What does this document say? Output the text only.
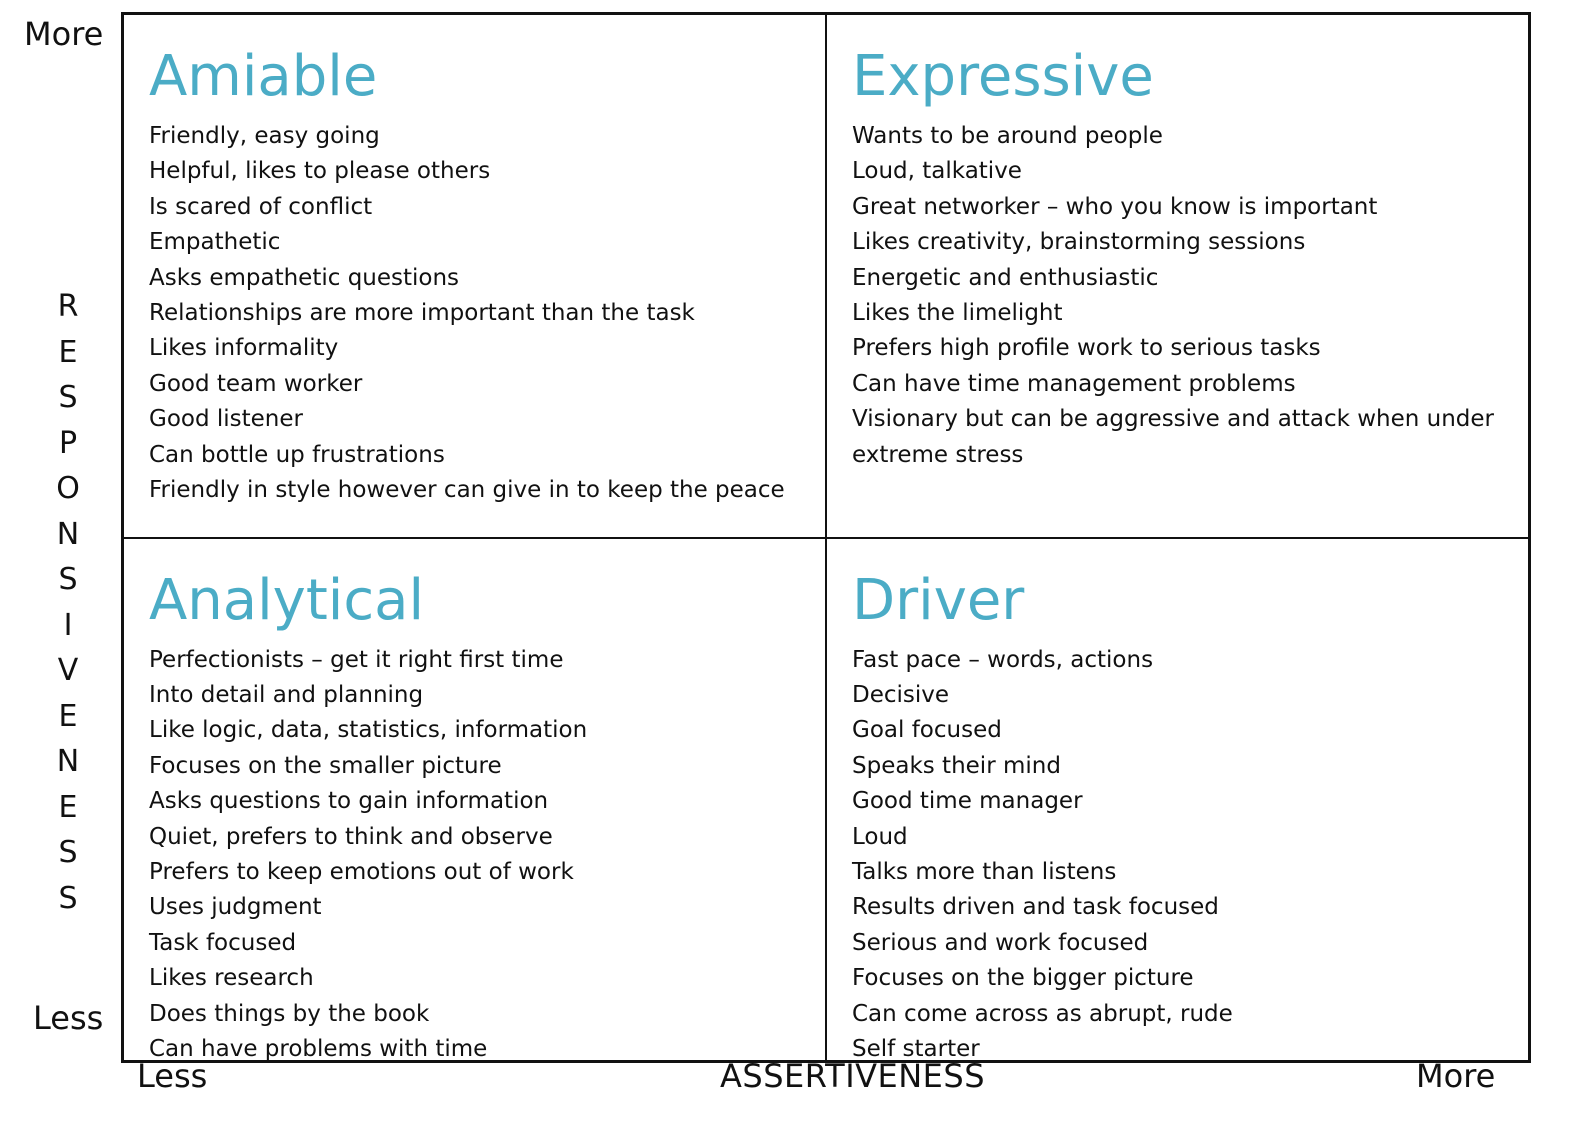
More
R
E
S
P
O
N
S
I
V
E
N
E
S
S
Less
Amiable
Friendly, easy going
Helpful, likes to please others
Is scared of conflict
Empathetic
Asks empathetic questions
Relationships are more important than the task
Likes informality
Good team worker
Good listener
Can bottle up frustrations
Friendly in style however can give in to keep the peace
Expressive
Wants to be around people
Loud, talkative
Great networker – who you know is important
Likes creativity, brainstorming sessions
Energetic and enthusiastic
Likes the limelight
Prefers high profile work to serious tasks
Can have time management problems
Visionary but can be aggressive and attack when under extreme stress
Analytical
Perfectionists – get it right first time
Into detail and planning
Like logic, data, statistics, information
Focuses on the smaller picture
Asks questions to gain information
Quiet, prefers to think and observe
Prefers to keep emotions out of work
Uses judgment
Task focused
Likes research
Does things by the book
Can have problems with time
Driver
Fast pace – words, actions
Decisive
Goal focused
Speaks their mind
Good time manager
Loud
Talks more than listens
Results driven and task focused
Serious and work focused
Focuses on the bigger picture
Can come across as abrupt, rude
Self starter
Less	ASSERTIVENESS	More
